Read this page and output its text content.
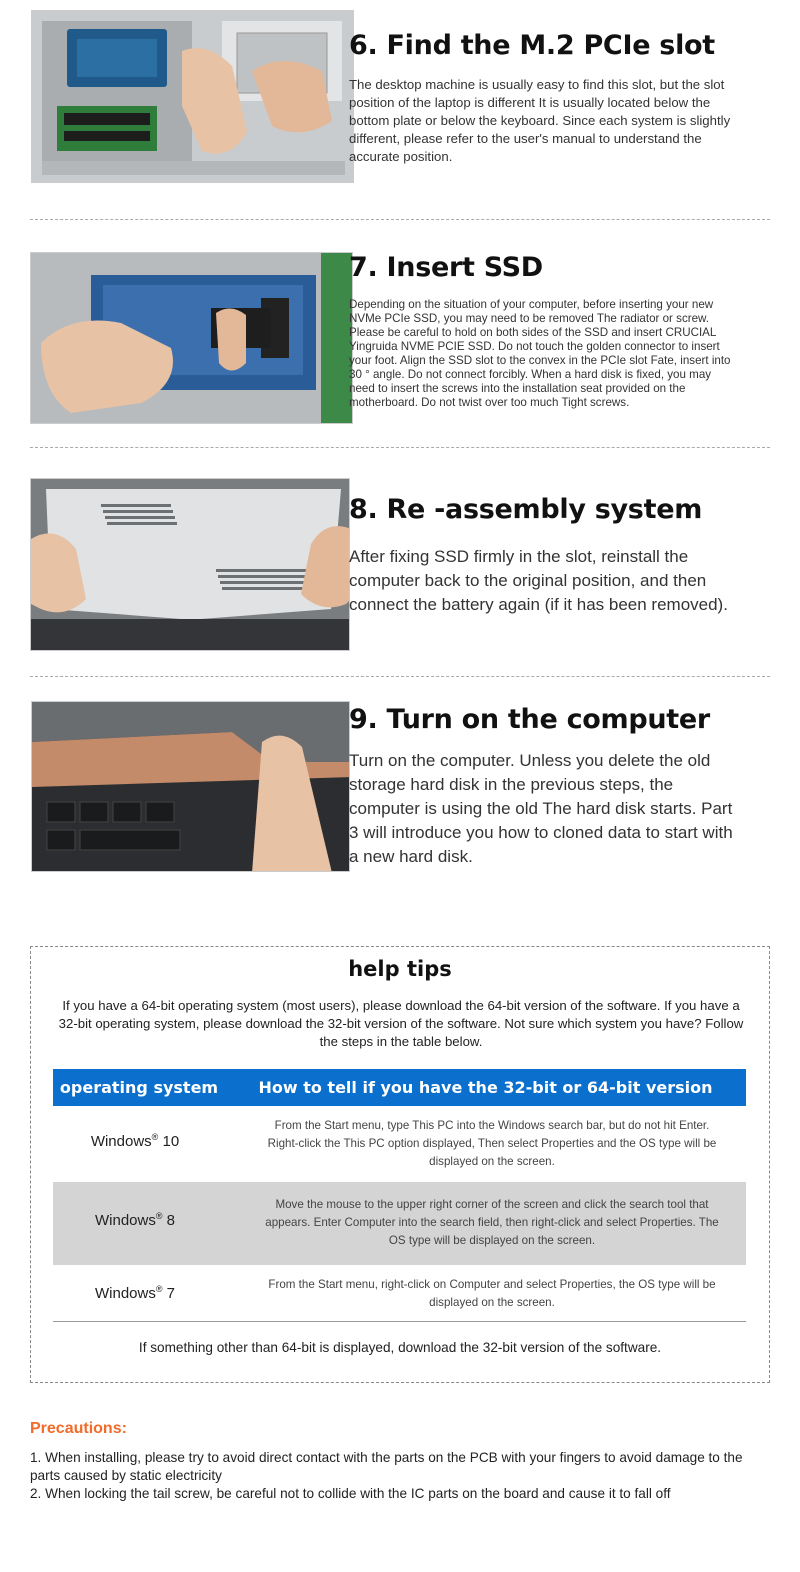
6. Find the M.2 PCIe slot
The desktop machine is usually easy to find this slot, but the slot position of the laptop is different It is usually located below the bottom plate or below the keyboard. Since each system is slightly different, please refer to the user's manual to understand the accurate position.
7. Insert SSD
Depending on the situation of your computer, before inserting your new NVMe PCIe SSD, you may need to be removed The radiator or screw. Please be careful to hold on both sides of the SSD and insert CRUCIAL Yingruida NVME PCIE SSD. Do not touch the golden connector to insert your foot. Align the SSD slot to the convex in the PCIe slot Fate, insert into 30 ° angle. Do not connect forcibly. When a hard disk is fixed, you may need to insert the screws into the installation seat provided on the motherboard. Do not twist over too much Tight screws.
8. Re -assembly system
After fixing SSD firmly in the slot, reinstall the computer back to the original position, and then connect the battery again (if it has been removed).
9. Turn on the computer
Turn on the computer. Unless you delete the old storage hard disk in the previous steps, the computer is using the old The hard disk starts. Part 3 will introduce you how to cloned data to start with a new hard disk.
help tips
If you have a 64-bit operating system (most users), please download the 64-bit version of the software. If you have a 32-bit operating system, please download the 32-bit version of the software. Not sure which system you have? Follow the steps in the table below.
operating system	How to tell if you have the 32-bit or 64-bit version
Windows® 10
From the Start menu, type This PC into the Windows search bar, but do not hit Enter. Right-click the This PC option displayed, Then select Properties and the OS type will be displayed on the screen.
Windows® 8
Move the mouse to the upper right corner of the screen and click the search tool that appears. Enter Computer into the search field, then right-click and select Properties. The OS type will be displayed on the screen.
Windows® 7
From the Start menu, right-click on Computer and select Properties, the OS type will be displayed on the screen.
If something other than 64-bit is displayed, download the 32-bit version of the software.
Precautions:

1. When installing, please try to avoid direct contact with the parts on the PCB with your fingers to avoid damage to the parts caused by static electricity

2. When locking the tail screw, be careful not to collide with the IC parts on the board and cause it to fall off
